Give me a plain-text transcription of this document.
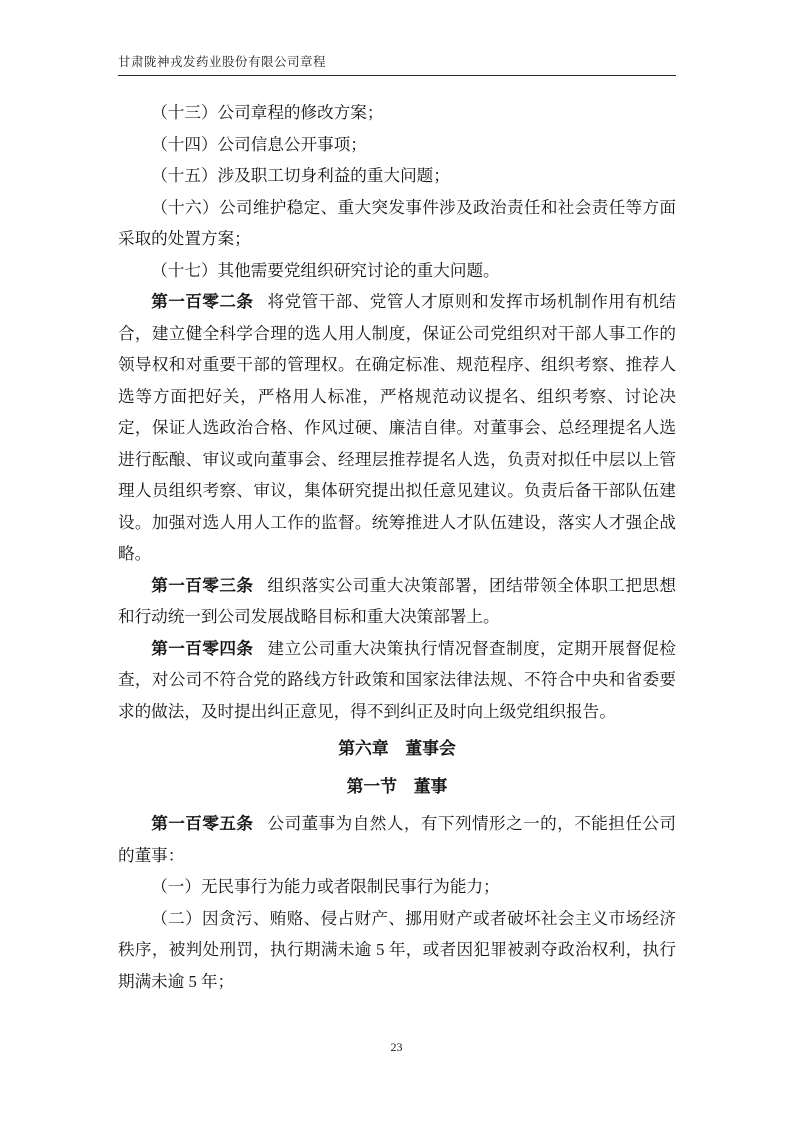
甘肃陇神戎发药业股份有限公司章程

（十三）公司章程的修改方案；

（十四）公司信息公开事项；

（十五）涉及职工切身利益的重大问题；

（十六）公司维护稳定、重大突发事件涉及政治责任和社会责任等方面采取的处置方案；

（十七）其他需要党组织研究讨论的重大问题。

第一百零二条 将党管干部、党管人才原则和发挥市场机制作用有机结合，建立健全科学合理的选人用人制度，保证公司党组织对干部人事工作的领导权和对重要干部的管理权。在确定标准、规范程序、组织考察、推荐人选等方面把好关，严格用人标准，严格规范动议提名、组织考察、讨论决定，保证人选政治合格、作风过硬、廉洁自律。对董事会、总经理提名人选进行酝酿、审议或向董事会、经理层推荐提名人选，负责对拟任中层以上管理人员组织考察、审议，集体研究提出拟任意见建议。负责后备干部队伍建设。加强对选人用人工作的监督。统筹推进人才队伍建设，落实人才强企战略。

第一百零三条 组织落实公司重大决策部署，团结带领全体职工把思想和行动统一到公司发展战略目标和重大决策部署上。

第一百零四条 建立公司重大决策执行情况督查制度，定期开展督促检查，对公司不符合党的路线方针政策和国家法律法规、不符合中央和省委要求的做法，及时提出纠正意见，得不到纠正及时向上级党组织报告。

第六章　董事会
第一节　董事

第一百零五条 公司董事为自然人，有下列情形之一的，不能担任公司的董事：

（一）无民事行为能力或者限制民事行为能力；

（二）因贪污、贿赂、侵占财产、挪用财产或者破坏社会主义市场经济秩序，被判处刑罚，执行期满未逾 5 年，或者因犯罪被剥夺政治权利，执行期满未逾 5 年；

23
